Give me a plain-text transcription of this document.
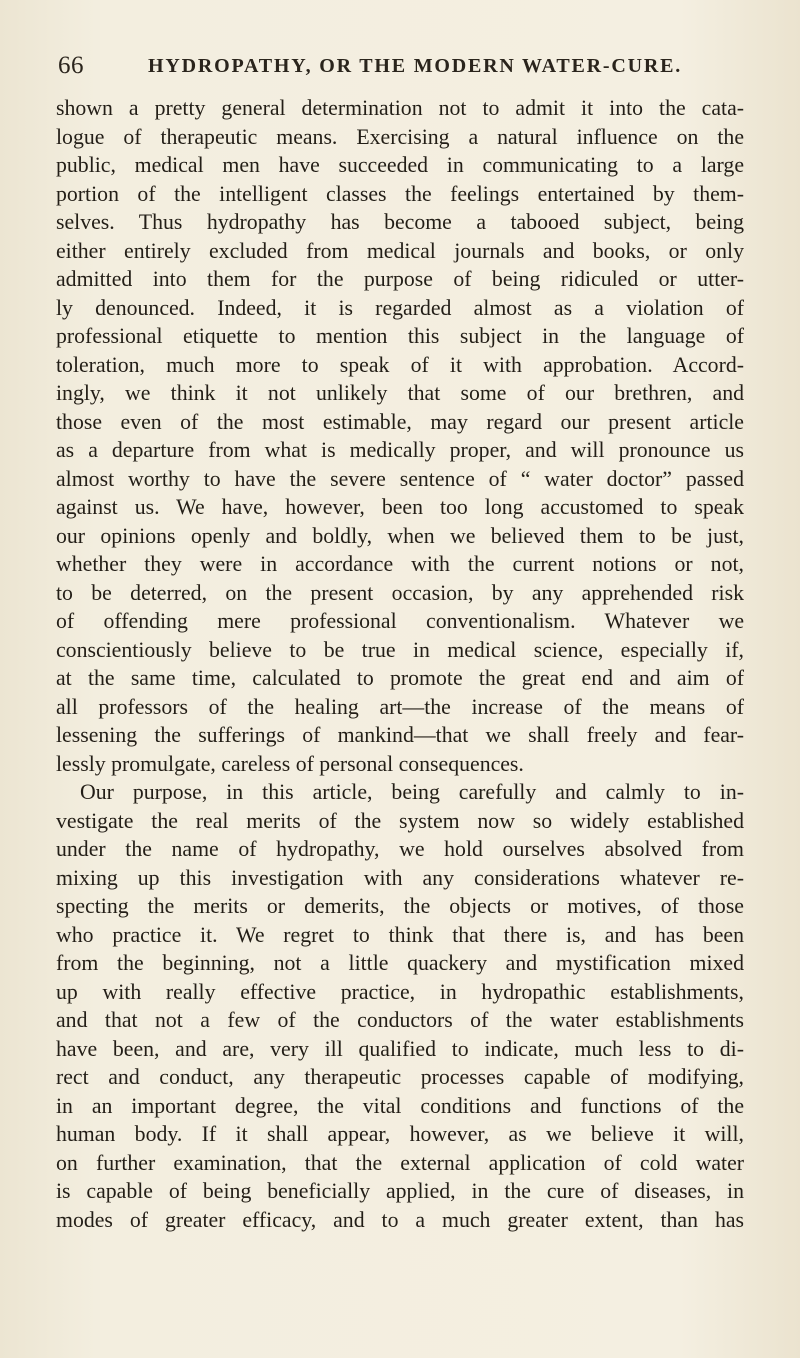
66	HYDROPATHY, OR THE MODERN WATER-CURE.
shown a pretty general determination not to admit it into the cata-
logue of therapeutic means. Exercising a natural influence on the
public, medical men have succeeded in communicating to a large
portion of the intelligent classes the feelings entertained by them-
selves. Thus hydropathy has become a tabooed subject, being
either entirely excluded from medical journals and books, or only
admitted into them for the purpose of being ridiculed or utter-
ly denounced. Indeed, it is regarded almost as a violation of
professional etiquette to mention this subject in the language of
toleration, much more to speak of it with approbation. Accord-
ingly, we think it not unlikely that some of our brethren, and
those even of the most estimable, may regard our present article
as a departure from what is medically proper, and will pronounce us
almost worthy to have the severe sentence of “ water doctor” passed
against us. We have, however, been too long accustomed to speak
our opinions openly and boldly, when we believed them to be just,
whether they were in accordance with the current notions or not,
to be deterred, on the present occasion, by any apprehended risk
of offending mere professional conventionalism. Whatever we
conscientiously believe to be true in medical science, especially if,
at the same time, calculated to promote the great end and aim of
all professors of the healing art—the increase of the means of
lessening the sufferings of mankind—that we shall freely and fear-
lessly promulgate, careless of personal consequences.
Our purpose, in this article, being carefully and calmly to in-
vestigate the real merits of the system now so widely established
under the name of hydropathy, we hold ourselves absolved from
mixing up this investigation with any considerations whatever re-
specting the merits or demerits, the objects or motives, of those
who practice it. We regret to think that there is, and has been
from the beginning, not a little quackery and mystification mixed
up with really effective practice, in hydropathic establishments,
and that not a few of the conductors of the water establishments
have been, and are, very ill qualified to indicate, much less to di-
rect and conduct, any therapeutic processes capable of modifying,
in an important degree, the vital conditions and functions of the
human body. If it shall appear, however, as we believe it will,
on further examination, that the external application of cold water
is capable of being beneficially applied, in the cure of diseases, in
modes of greater efficacy, and to a much greater extent, than has
